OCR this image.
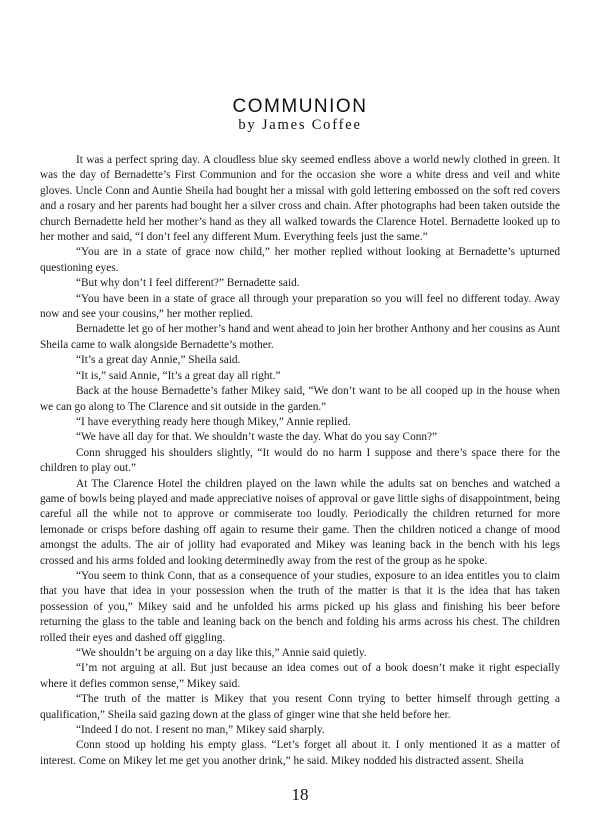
COMMUNION
by James Coffee

It was a perfect spring day. A cloudless blue sky seemed endless above a world newly clothed in green. It was the day of Bernadette’s First Communion and for the occasion she wore a white dress and veil and white gloves. Uncle Conn and Auntie Sheila had bought her a missal with gold lettering embossed on the soft red covers and a rosary and her parents had bought her a silver cross and chain. After photographs had been taken outside the church Bernadette held her mother’s hand as they all walked towards the Clarence Hotel. Bernadette looked up to her mother and said, “I don’t feel any different Mum. Everything feels just the same.”

“You are in a state of grace now child,” her mother replied without looking at Bernadette’s upturned questioning eyes.

“But why don’t I feel different?” Bernadette said.

“You have been in a state of grace all through your preparation so you will feel no different today. Away now and see your cousins,” her mother replied.

Bernadette let go of her mother’s hand and went ahead to join her brother Anthony and her cousins as Aunt Sheila came to walk alongside Bernadette’s mother.

“It’s a great day Annie,” Sheila said.

“It is,” said Annie, “It’s a great day all right.”

Back at the house Bernadette’s father Mikey said, “We don’t want to be all cooped up in the house when we can go along to The Clarence and sit outside in the garden.”

“I have everything ready here though Mikey,” Annie replied.

“We have all day for that. We shouldn’t waste the day. What do you say Conn?”

Conn shrugged his shoulders slightly, “It would do no harm I suppose and there’s space there for the children to play out.”

At The Clarence Hotel the children played on the lawn while the adults sat on benches and watched a game of bowls being played and made appreciative noises of approval or gave little sighs of disappointment, being careful all the while not to approve or commiserate too loudly. Periodically the children returned for more lemonade or crisps before dashing off again to resume their game. Then the children noticed a change of mood amongst the adults. The air of jollity had evaporated and Mikey was leaning back in the bench with his legs crossed and his arms folded and looking determinedly away from the rest of the group as he spoke.

“You seem to think Conn, that as a consequence of your studies, exposure to an idea entitles you to claim that you have that idea in your possession when the truth of the matter is that it is the idea that has taken possession of you,” Mikey said and he unfolded his arms picked up his glass and finishing his beer before returning the glass to the table and leaning back on the bench and folding his arms across his chest. The children rolled their eyes and dashed off giggling.

“We shouldn’t be arguing on a day like this,” Annie said quietly.

“I’m not arguing at all. But just because an idea comes out of a book doesn’t make it right especially where it defies common sense,” Mikey said.

“The truth of the matter is Mikey that you resent Conn trying to better himself through getting a qualification,” Sheila said gazing down at the glass of ginger wine that she held before her.

“Indeed I do not. I resent no man,” Mikey said sharply.

Conn stood up holding his empty glass. “Let’s forget all about it. I only mentioned it as a matter of interest. Come on Mikey let me get you another drink,” he said. Mikey nodded his distracted assent. Sheila

18
